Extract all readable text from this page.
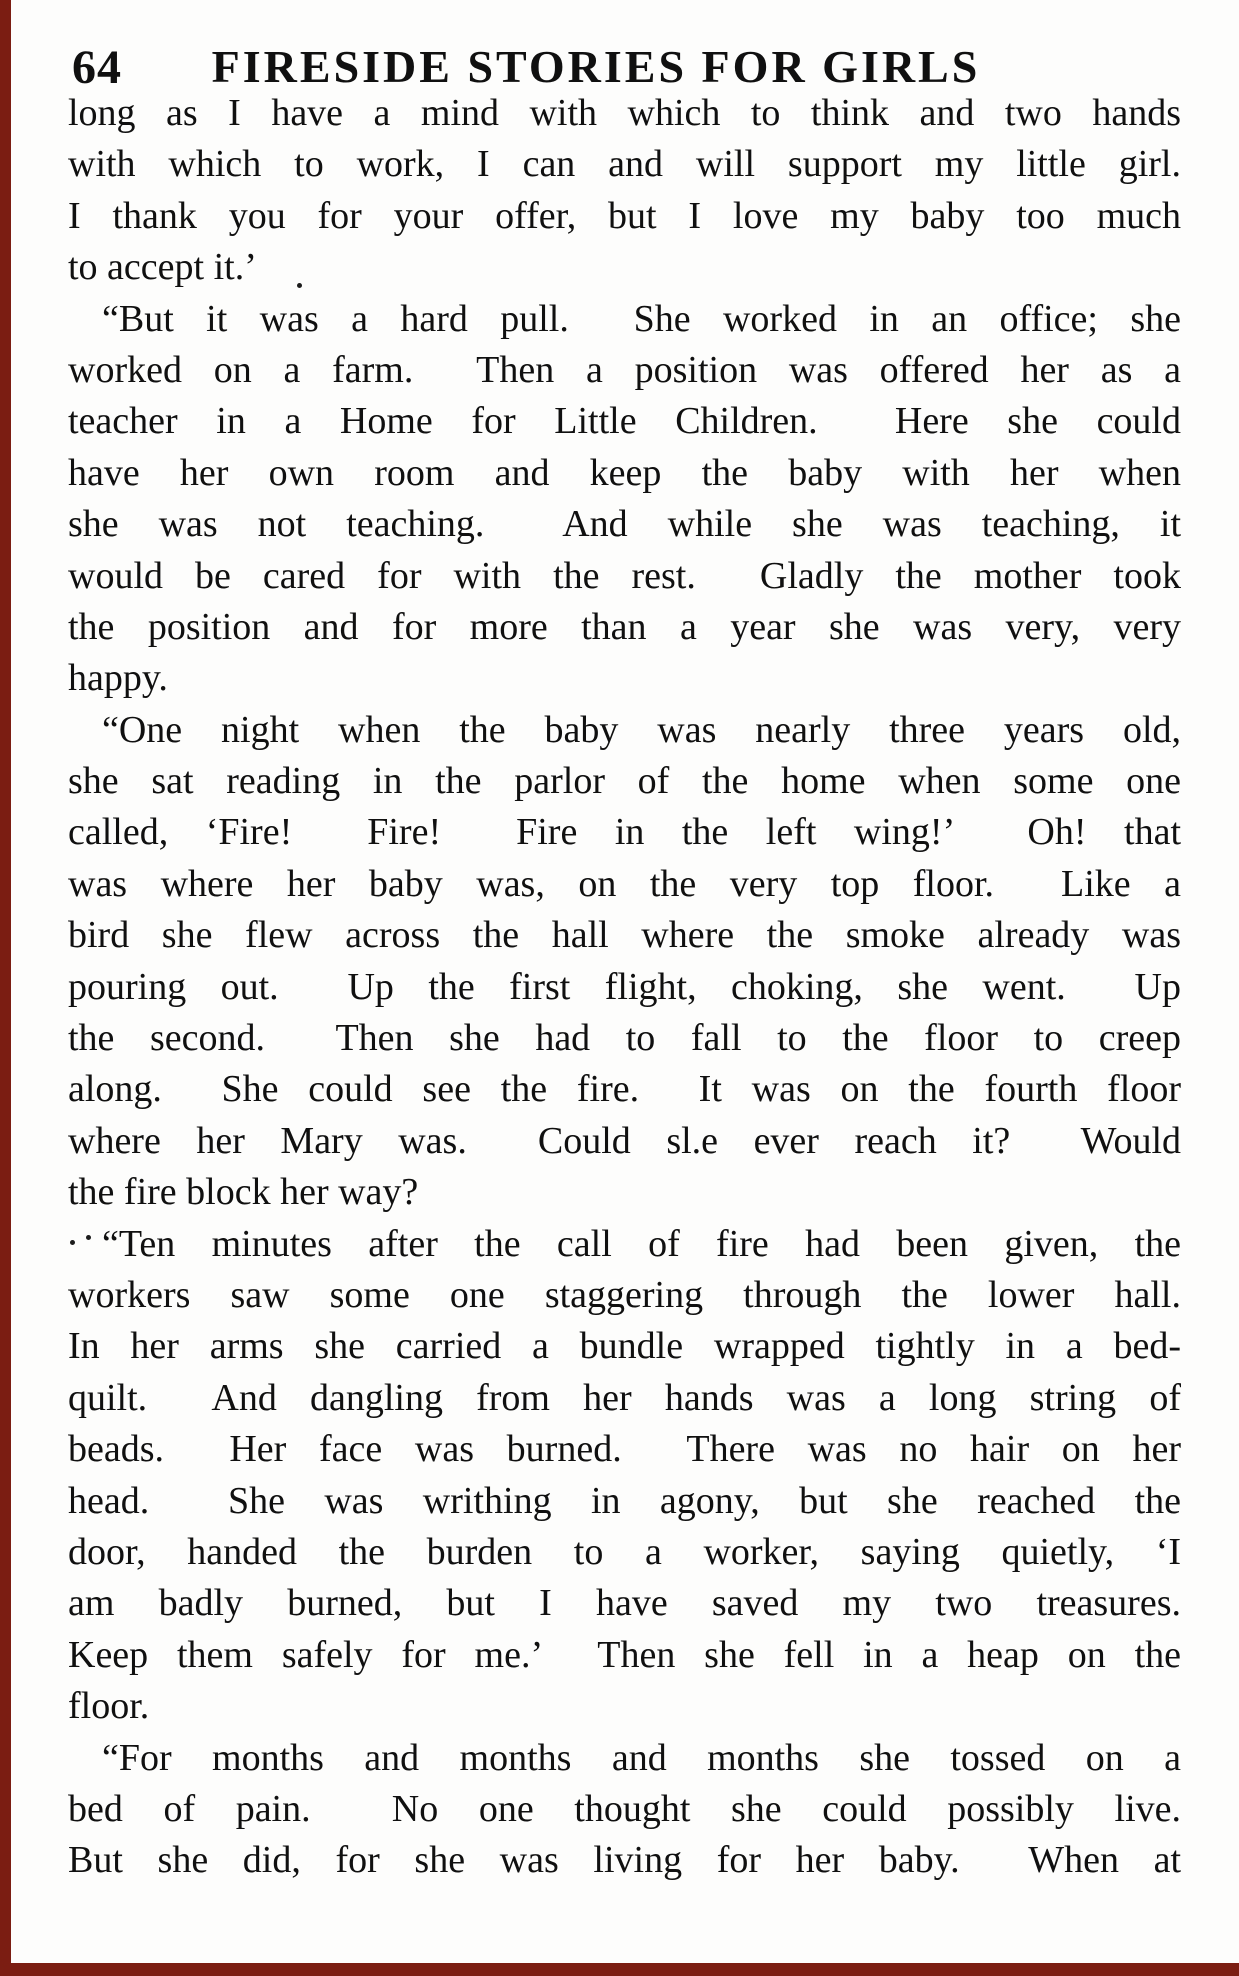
64	FIRESIDE STORIES FOR GIRLS
long as I have a mind with which to think and two hands
with which to work, I can and will support my little girl.
I thank you for your offer, but I love my baby too much
to accept it.’
“But it was a hard pull.  She worked in an office; she
worked on a farm.  Then a position was offered her as a
teacher in a Home for Little Children.  Here she could
have her own room and keep the baby with her when
she was not teaching.  And while she was teaching, it
would be cared for with the rest.  Gladly the mother took
the position and for more than a year she was very, very
happy.
“One night when the baby was nearly three years old,
she sat reading in the parlor of the home when some one
called, ‘Fire!  Fire!  Fire in the left wing!’  Oh! that
was where her baby was, on the very top floor.  Like a
bird she flew across the hall where the smoke already was
pouring out.  Up the first flight, choking, she went.  Up
the second.  Then she had to fall to the floor to creep
along.  She could see the fire.  It was on the fourth floor
where her Mary was.  Could sl.e ever reach it?  Would
the fire block her way?
“Ten minutes after the call of fire had been given, the
workers saw some one staggering through the lower hall.
In her arms she carried a bundle wrapped tightly in a bed-
quilt.  And dangling from her hands was a long string of
beads.  Her face was burned.  There was no hair on her
head.  She was writhing in agony, but she reached the
door, handed the burden to a worker, saying quietly, ‘I
am badly burned, but I have saved my two treasures.
Keep them safely for me.’  Then she fell in a heap on the
floor.
“For months and months and months she tossed on a
bed of pain.  No one thought she could possibly live.
But she did, for she was living for her baby.  When at
